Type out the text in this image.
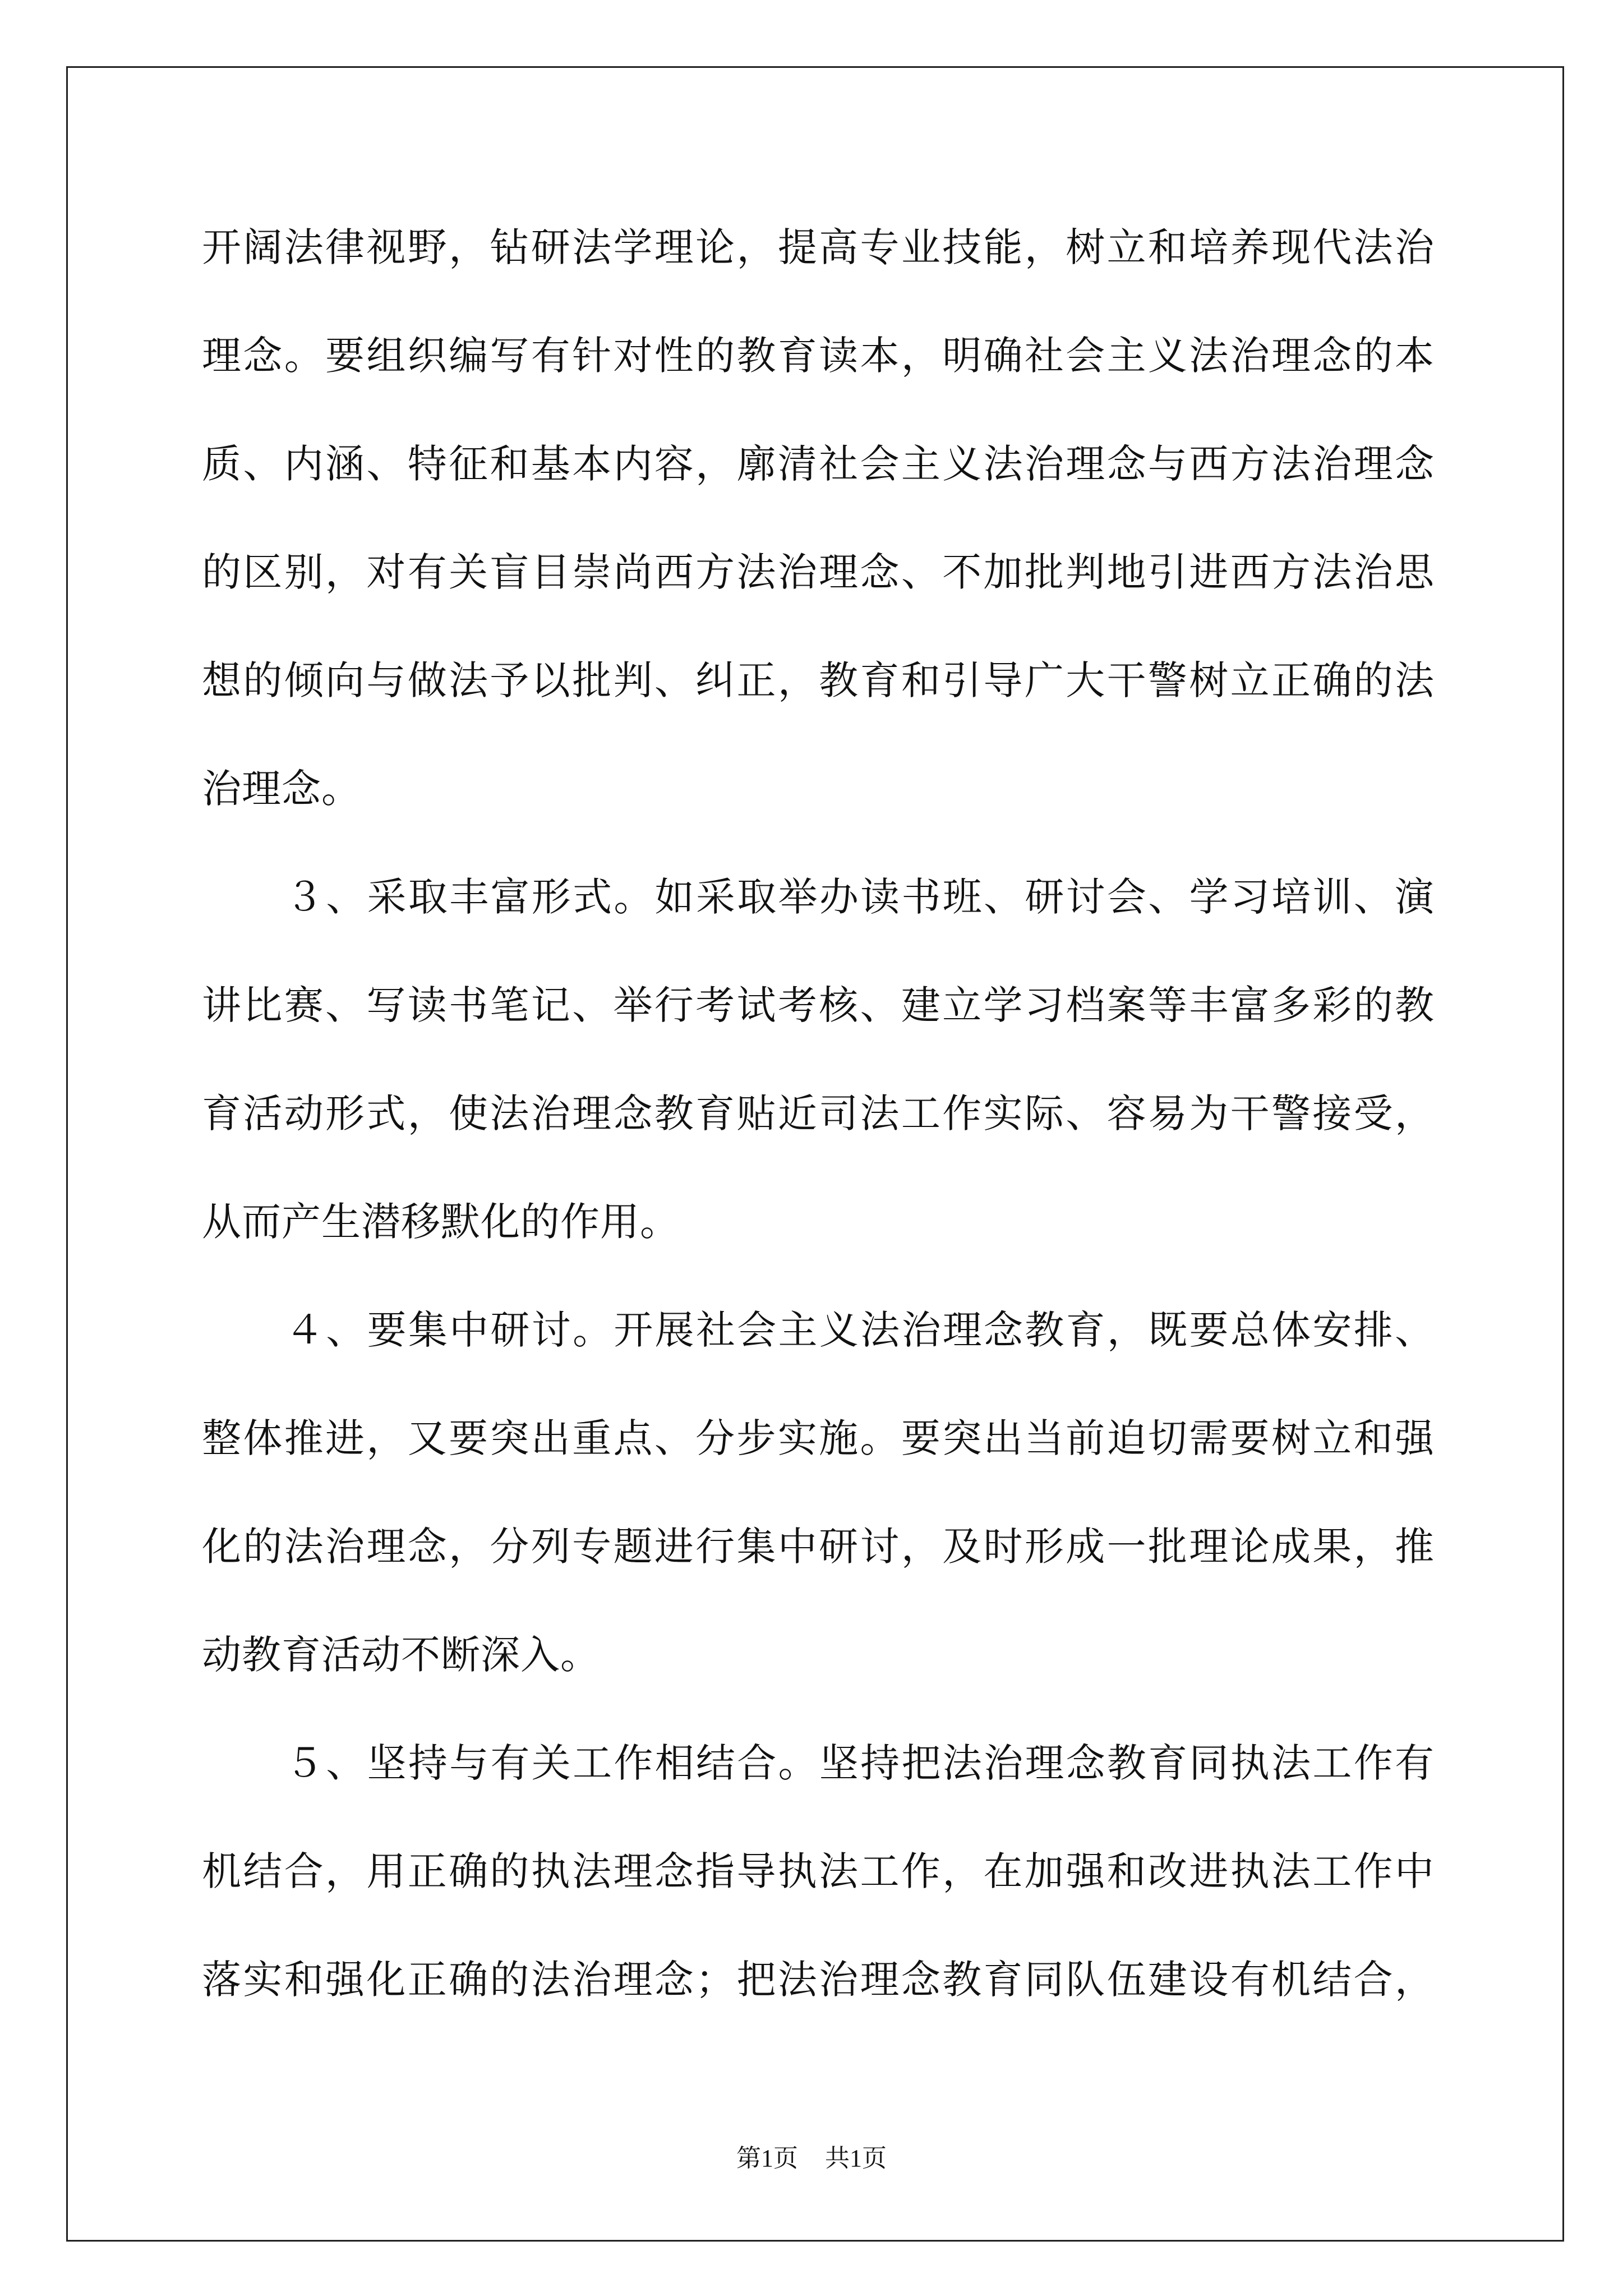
开阔法律视野，钻研法学理论，提高专业技能，树立和培养现代法治
理念。要组织编写有针对性的教育读本，明确社会主义法治理念的本
质、内涵、特征和基本内容，廓清社会主义法治理念与西方法治理念
的区别，对有关盲目崇尚西方法治理念、不加批判地引进西方法治思
想的倾向与做法予以批判、纠正，教育和引导广大干警树立正确的法
治理念。
３、采取丰富形式。如采取举办读书班、研讨会、学习培训、演
讲比赛、写读书笔记、举行考试考核、建立学习档案等丰富多彩的教
育活动形式，使法治理念教育贴近司法工作实际、容易为干警接受，
从而产生潜移默化的作用。
４、要集中研讨。开展社会主义法治理念教育，既要总体安排、
整体推进，又要突出重点、分步实施。要突出当前迫切需要树立和强
化的法治理念，分列专题进行集中研讨，及时形成一批理论成果，推
动教育活动不断深入。
５、坚持与有关工作相结合。坚持把法治理念教育同执法工作有
机结合，用正确的执法理念指导执法工作，在加强和改进执法工作中
落实和强化正确的法治理念；把法治理念教育同队伍建设有机结合，
第1页 共1页
